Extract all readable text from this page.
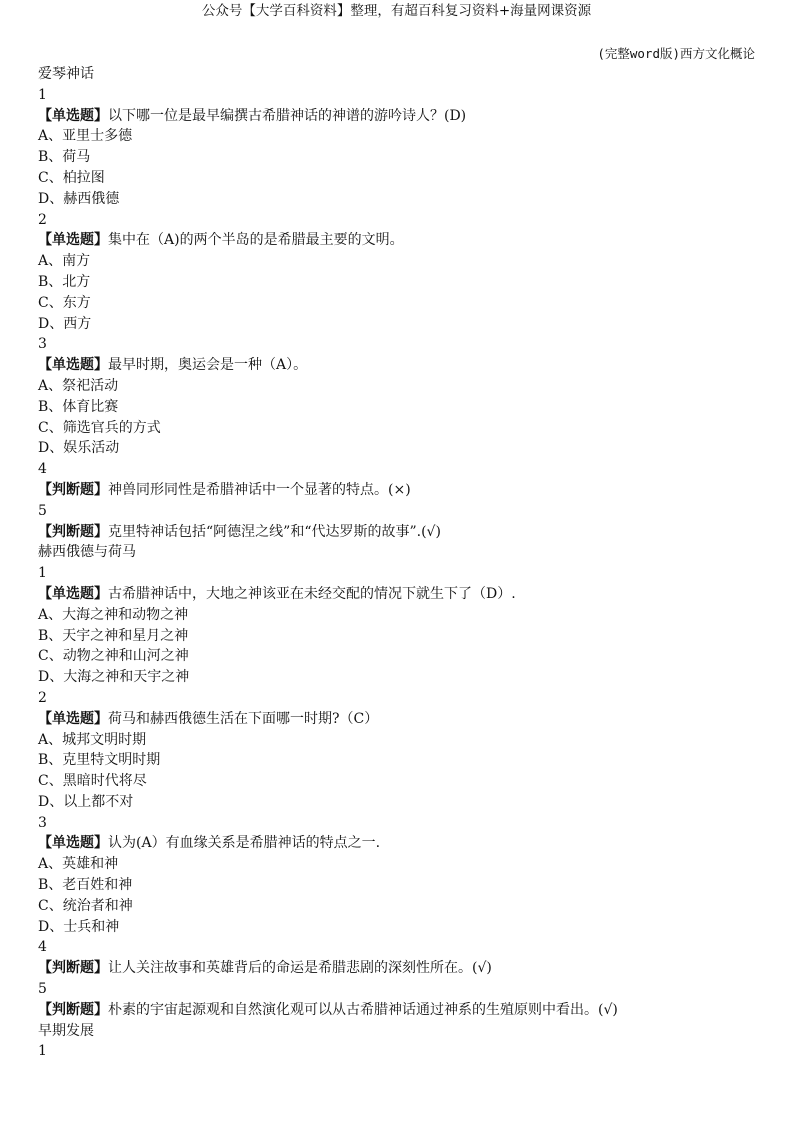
公众号【大学百科资料】整理，有超百科复习资料+海量网课资源
(完整word版)西方文化概论
爱琴神话
1
【单选题】以下哪一位是最早编撰古希腊神话的神谱的游吟诗人？(D)
A、亚里士多德
B、荷马
C、柏拉图
D、赫西俄德
2
【单选题】集中在（A)的两个半岛的是希腊最主要的文明。
A、南方
B、北方
C、东方
D、西方
3
【单选题】最早时期，奥运会是一种（A）。
A、祭祀活动
B、体育比赛
C、筛选官兵的方式
D、娱乐活动
4
【判断题】神兽同形同性是希腊神话中一个显著的特点。(×)
5
【判断题】克里特神话包括“阿德涅之线”和“代达罗斯的故事”.(√)
赫西俄德与荷马
1
【单选题】古希腊神话中，大地之神该亚在未经交配的情况下就生下了（D）.
A、大海之神和动物之神
B、天宇之神和星月之神
C、动物之神和山河之神
D、大海之神和天宇之神
2
【单选题】荷马和赫西俄德生活在下面哪一时期?（C）
A、城邦文明时期
B、克里特文明时期
C、黑暗时代将尽
D、以上都不对
3
【单选题】认为(A）有血缘关系是希腊神话的特点之一.
A、英雄和神
B、老百姓和神
C、统治者和神
D、士兵和神
4
【判断题】让人关注故事和英雄背后的命运是希腊悲剧的深刻性所在。(√)
5
【判断题】朴素的宇宙起源观和自然演化观可以从古希腊神话通过神系的生殖原则中看出。(√)
早期发展
1
